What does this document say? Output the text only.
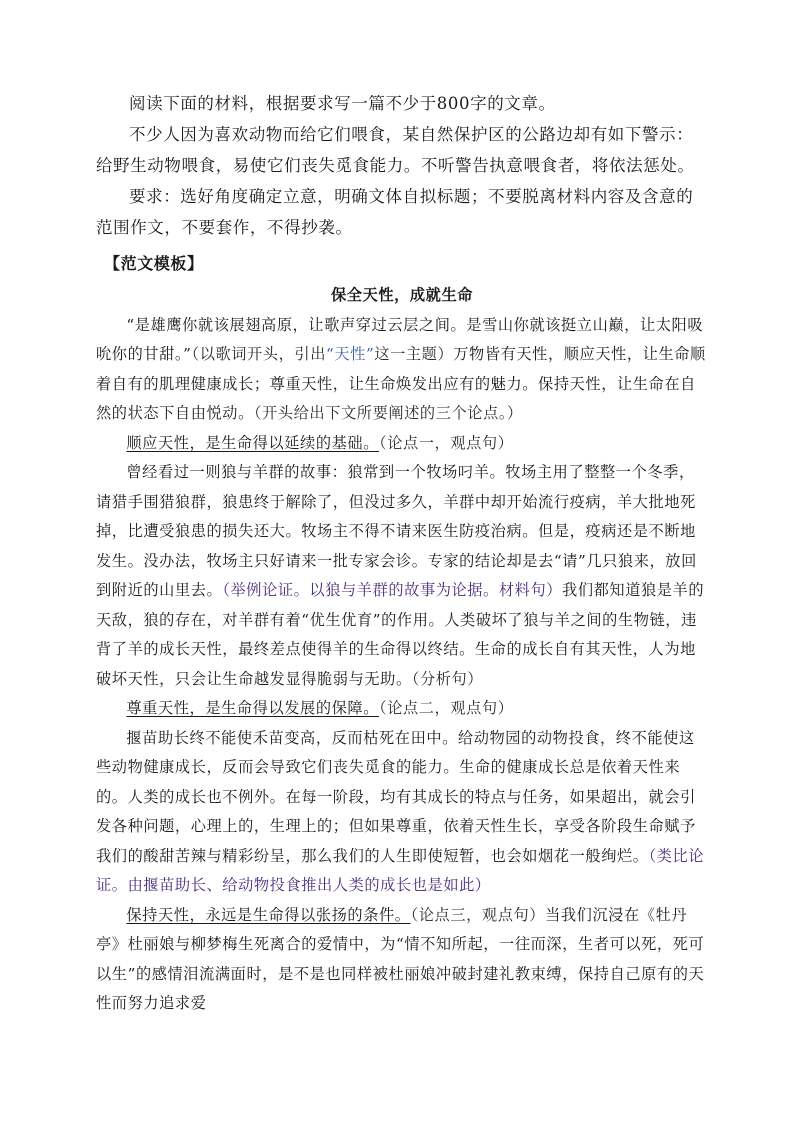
阅读下面的材料，根据要求写一篇不少于800字的文章。

不少人因为喜欢动物而给它们喂食，某自然保护区的公路边却有如下警示：给野生动物喂食，易使它们丧失觅食能力。不听警告执意喂食者，将依法惩处。

要求：选好角度确定立意，明确文体自拟标题；不要脱离材料内容及含意的范围作文，不要套作，不得抄袭。

【范文模板】

保全天性，成就生命

“是雄鹰你就该展翅高原，让歌声穿过云层之间。是雪山你就该挺立山巅，让太阳吸吮你的甘甜。”（以歌词开头，引出“天性”这一主题）万物皆有天性，顺应天性，让生命顺着自有的肌理健康成长；尊重天性，让生命焕发出应有的魅力。保持天性，让生命在自然的状态下自由悦动。（开头给出下文所要阐述的三个论点。）

顺应天性，是生命得以延续的基础。（论点一，观点句）

曾经看过一则狼与羊群的故事：狼常到一个牧场叼羊。牧场主用了整整一个冬季，请猎手围猎狼群，狼患终于解除了，但没过多久，羊群中却开始流行疫病，羊大批地死掉，比遭受狼患的损失还大。牧场主不得不请来医生防疫治病。但是，疫病还是不断地发生。没办法，牧场主只好请来一批专家会诊。专家的结论却是去“请”几只狼来，放回到附近的山里去。（举例论证。以狼与羊群的故事为论据。材料句）我们都知道狼是羊的天敌，狼的存在，对羊群有着“优生优育”的作用。人类破坏了狼与羊之间的生物链，违背了羊的成长天性，最终差点使得羊的生命得以终结。生命的成长自有其天性，人为地破坏天性，只会让生命越发显得脆弱与无助。（分析句）

尊重天性，是生命得以发展的保障。（论点二，观点句）

揠苗助长终不能使禾苗变高，反而枯死在田中。给动物园的动物投食，终不能使这些动物健康成长，反而会导致它们丧失觅食的能力。生命的健康成长总是依着天性来的。人类的成长也不例外。在每一阶段，均有其成长的特点与任务，如果超出，就会引发各种问题，心理上的，生理上的；但如果尊重，依着天性生长，享受各阶段生命赋予我们的酸甜苦辣与精彩纷呈，那么我们的人生即使短暂，也会如烟花一般绚烂。（类比论证。由揠苗助长、给动物投食推出人类的成长也是如此）

保持天性，永远是生命得以张扬的条件。（论点三，观点句）当我们沉浸在《牡丹亭》杜丽娘与柳梦梅生死离合的爱情中，为“情不知所起，一往而深，生者可以死，死可以生”的感情泪流满面时，是不是也同样被杜丽娘冲破封建礼教束缚，保持自己原有的天性而努力追求爱
